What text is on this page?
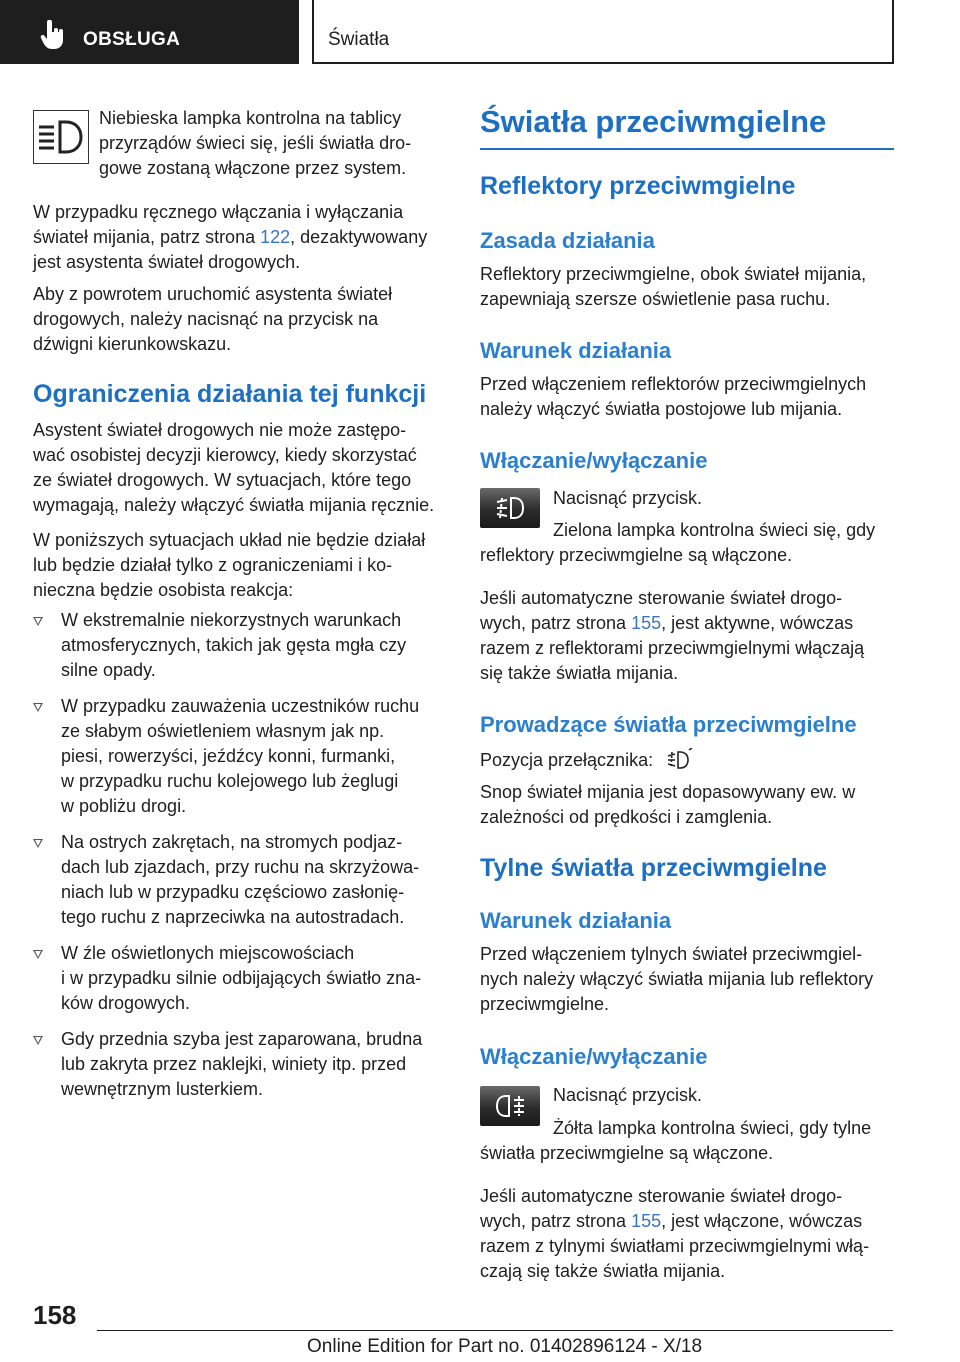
OBSŁUGA	Światła

Niebieska lampka kontrolna na tablicy

przyrządów świeci się, jeśli światła dro‐

gowe zostaną włączone przez system.

W przypadku ręcznego włączania i wyłączania

świateł mijania, patrz strona 122, dezaktywowany

jest asystenta świateł drogowych.

Aby z powrotem uruchomić asystenta świateł

drogowych, należy nacisnąć na przycisk na

dźwigni kierunkowskazu.

Ograniczenia działania tej funkcji

Asystent świateł drogowych nie może zastępo‐

wać osobistej decyzji kierowcy, kiedy skorzystać

ze świateł drogowych. W sytuacjach, które tego

wymagają, należy włączyć światła mijania ręcznie.

W poniższych sytuacjach układ nie będzie działał

lub będzie działał tylko z ograniczeniami i ko‐

nieczna będzie osobista reakcja:

W ekstremalnie niekorzystnych warunkach

atmosferycznych, takich jak gęsta mgła czy

silne opady.

W przypadku zauważenia uczestników ruchu

ze słabym oświetleniem własnym jak np.

piesi, rowerzyści, jeźdźcy konni, furmanki,

w przypadku ruchu kolejowego lub żeglugi

w pobliżu drogi.

Na ostrych zakrętach, na stromych podjaz‐

dach lub zjazdach, przy ruchu na skrzyżowa‐

niach lub w przypadku częściowo zasłonię‐

tego ruchu z naprzeciwka na autostradach.

W źle oświetlonych miejscowościach

i w przypadku silnie odbijających światło zna‐

ków drogowych.

Gdy przednia szyba jest zaparowana, brudna

lub zakryta przez naklejki, winiety itp. przed

wewnętrznym lusterkiem.

Światła przeciwmgielne
Reflektory przeciwmgielne
Zasada działania

Reflektory przeciwmgielne, obok świateł mijania,

zapewniają szersze oświetlenie pasa ruchu.

Warunek działania

Przed włączeniem reflektorów przeciwmgielnych

należy włączyć światła postojowe lub mijania.

Włączanie/wyłączanie

Nacisnąć przycisk.

Zielona lampka kontrolna świeci się, gdy

reflektory przeciwmgielne są włączone.

Jeśli automatyczne sterowanie świateł drogo‐

wych, patrz strona 155, jest aktywne, wówczas

razem z reflektorami przeciwmgielnymi włączają

się także światła mijania.

Prowadzące światła przeciwmgielne

Pozycja przełącznika:

Snop świateł mijania jest dopasowywany ew. w

zależności od prędkości i zamglenia.

Tylne światła przeciwmgielne
Warunek działania

Przed włączeniem tylnych świateł przeciwmgiel‐

nych należy włączyć światła mijania lub reflektory

przeciwmgielne.

Włączanie/wyłączanie

Nacisnąć przycisk.

Żółta lampka kontrolna świeci, gdy tylne

światła przeciwmgielne są włączone.

Jeśli automatyczne sterowanie świateł drogo‐

wych, patrz strona 155, jest włączone, wówczas

razem z tylnymi światłami przeciwmgielnymi włą‐

czają się także światła mijania.

158
Online Edition for Part no. 01402896124 - X/18
